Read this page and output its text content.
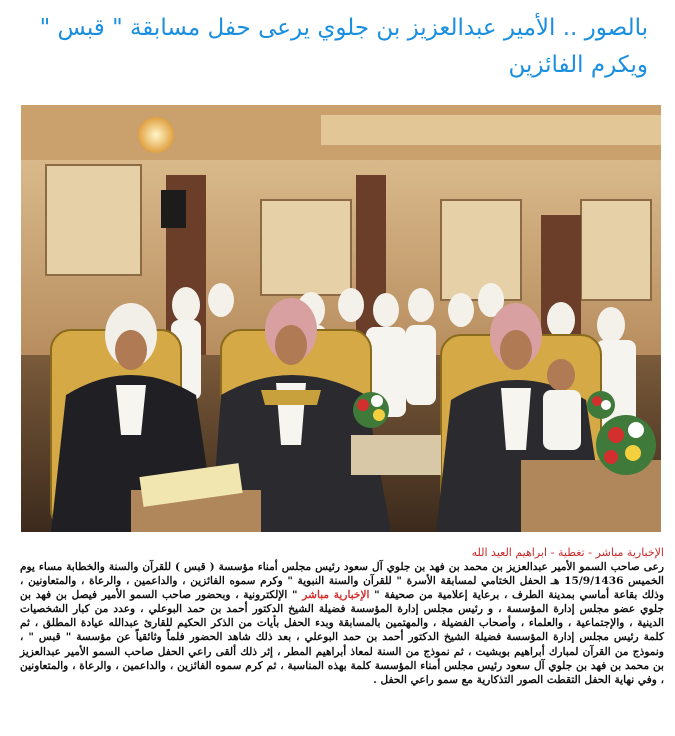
بالصور .. الأمير عبدالعزيز بن جلوي يرعى حفل مسابقة " قبس " ويكرم الفائزين
الإخبارية مباشر - تغطية - ابراهيم العيد الله
رعى صاحب السمو الأمير عبدالعزيز بن محمد بن فهد بن جلوي آل سعود رئيس مجلس أمناء مؤسسة ( قبس ) للقرآن والسنة والخطابة مساء يوم الخميس 15/9/1436 هـ الحفل الختامي لمسابقة الأسرة " للقرآن والسنة النبوية " وكرم سموه الفائزين ، والداعمين ، والرعاة ، والمتعاونين ، وذلك بقاعة أماسي بمدينة الطرف ، برعاية إعلامية من صحيفة " الإخبارية مباشر " الإلكترونية ، وبحضور صاحب السمو الأمير فيصل بن فهد بن جلوي عضو مجلس إدارة المؤسسة ، و رئيس مجلس إدارة المؤسسة فضيلة الشيخ الدكتور أحمد بن حمد البوعلي ، وعدد من كبار الشخصيات الدينية ، والإجتماعية ، والعلماء ، وأصحاب الفضيلة ، والمهتمين بالمسابقة وبدء الحفل بأيات من الذكر الحكيم للقارئ عبدالله عيادة المطلق ، ثم كلمة رئيس مجلس إدارة المؤسسة فضيلة الشيخ الدكتور أحمد بن حمد البوعلي ، بعد ذلك شاهد الحضور فلماً وثائقياً عن مؤسسة " قبس " ، ونموذج من القرآن لمبارك أبراهيم بوبشيت ، ثم نموذج من السنة لمعاذ أبراهيم المطر ، إثر ذلك ألقى راعي الحفل صاحب السمو الأمير عبدالعزيز بن محمد بن فهد بن جلوي آل سعود رئيس مجلس أمناء المؤسسة كلمة بهذه المناسبة ، ثم كرم سموه الفائزين ، والداعمين ، والرعاة ، والمتعاونين ، وفي نهاية الحفل التقطت الصور التذكارية مع سمو راعي الحفل .
